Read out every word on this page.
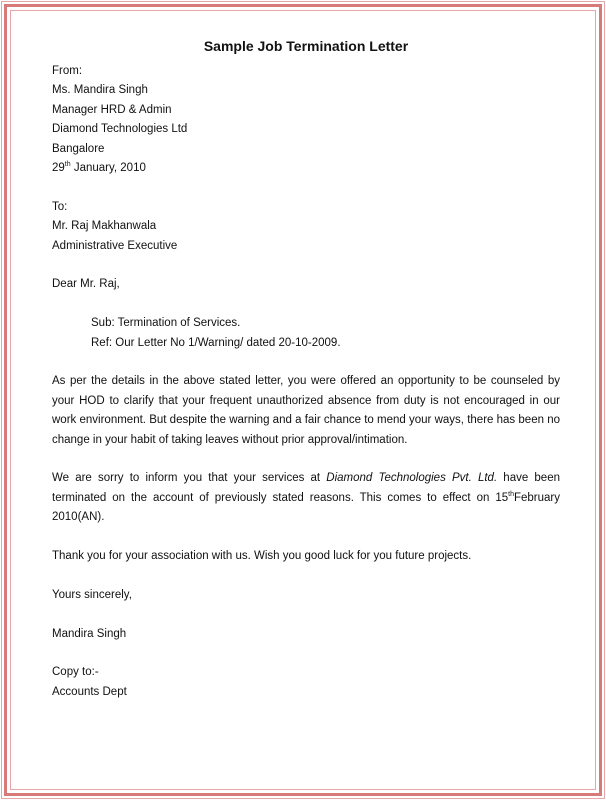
Sample Job Termination Letter
From:
Ms. Mandira Singh
Manager HRD & Admin
Diamond Technologies Ltd
Bangalore
29th January, 2010
To:
Mr. Raj Makhanwala
Administrative Executive
Dear Mr. Raj,
Sub: Termination of Services.
Ref: Our Letter No 1/Warning/ dated 20-10-2009.

As per the details in the above stated letter, you were offered an opportunity to be counseled by your HOD to clarify that your frequent unauthorized absence from duty is not encouraged in our work environment. But despite the warning and a fair chance to mend your ways, there has been no change in your habit of taking leaves without prior approval/intimation.

We are sorry to inform you that your services at Diamond Technologies Pvt. Ltd. have been terminated on the account of previously stated reasons. This comes to effect on 15thFebruary 2010(AN).

Thank you for your association with us. Wish you good luck for you future projects.

Yours sincerely,
Mandira Singh
Copy to:-
Accounts Dept
